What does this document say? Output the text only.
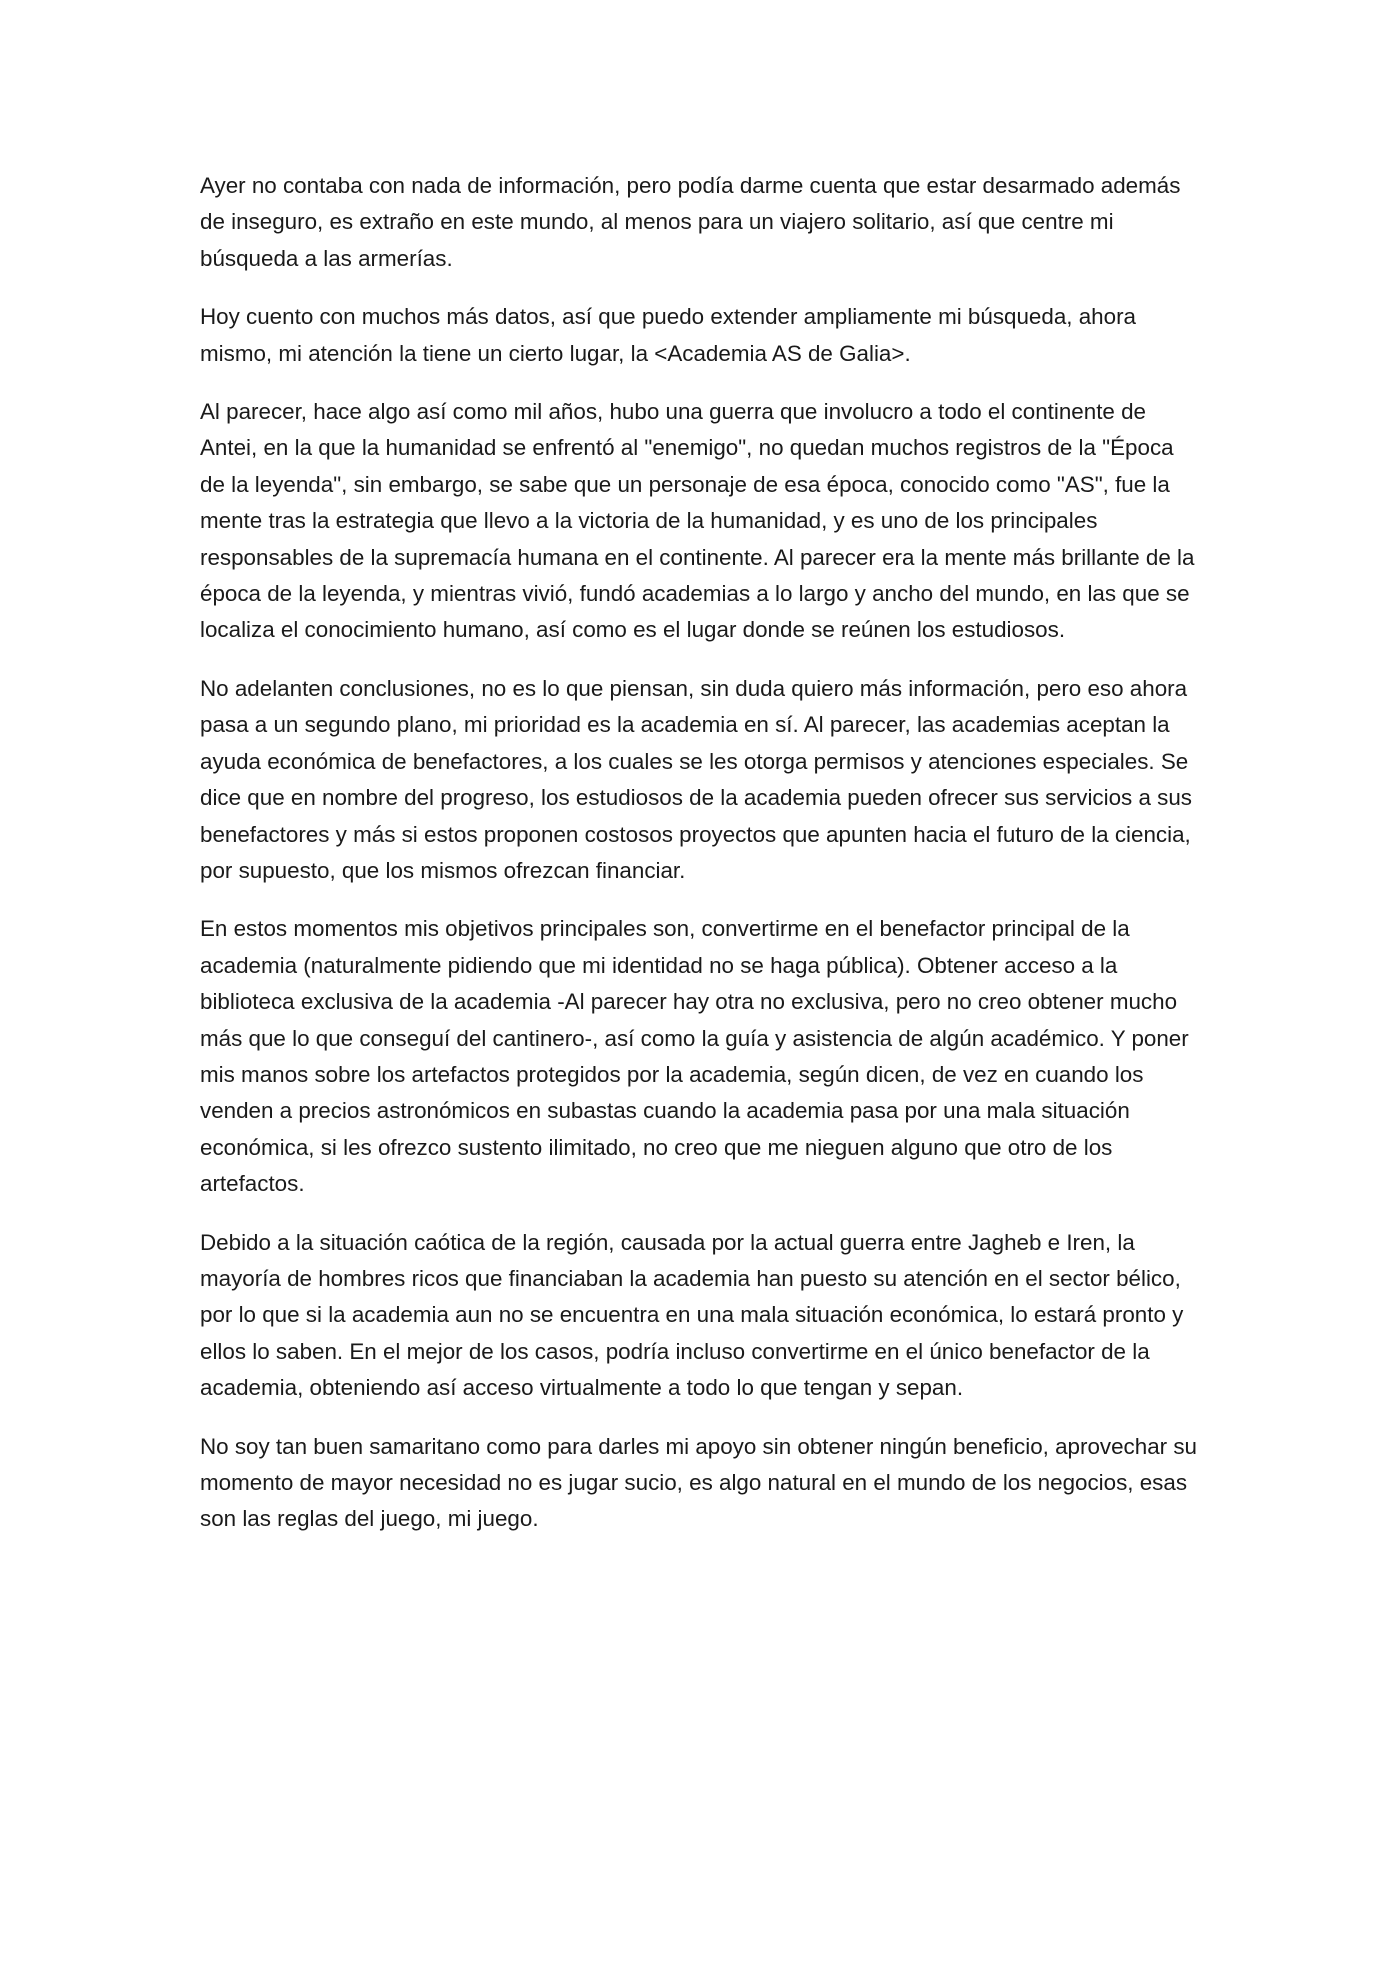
Ayer no contaba con nada de información, pero podía darme cuenta que estar desarmado además de inseguro, es extraño en este mundo, al menos para un viajero solitario, así que centre mi búsqueda a las armerías.

Hoy cuento con muchos más datos, así que puedo extender ampliamente mi búsqueda, ahora mismo, mi atención la tiene un cierto lugar, la <Academia AS de Galia>.

Al parecer, hace algo así como mil años, hubo una guerra que involucro a todo el continente de Antei, en la que la humanidad se enfrentó al "enemigo", no quedan muchos registros de la "Época de la leyenda", sin embargo, se sabe que un personaje de esa época, conocido como "AS", fue la mente tras la estrategia que llevo a la victoria de la humanidad, y es uno de los principales responsables de la supremacía humana en el continente. Al parecer era la mente más brillante de la época de la leyenda, y mientras vivió, fundó academias a lo largo y ancho del mundo, en las que se localiza el conocimiento humano, así como es el lugar donde se reúnen los estudiosos.

No adelanten conclusiones, no es lo que piensan, sin duda quiero más información, pero eso ahora pasa a un segundo plano, mi prioridad es la academia en sí. Al parecer, las academias aceptan la ayuda económica de benefactores, a los cuales se les otorga permisos y atenciones especiales. Se dice que en nombre del progreso, los estudiosos de la academia pueden ofrecer sus servicios a sus benefactores y más si estos proponen costosos proyectos que apunten hacia el futuro de la ciencia, por supuesto, que los mismos ofrezcan financiar.

En estos momentos mis objetivos principales son, convertirme en el benefactor principal de la academia (naturalmente pidiendo que mi identidad no se haga pública). Obtener acceso a la biblioteca exclusiva de la academia -Al parecer hay otra no exclusiva, pero no creo obtener mucho más que lo que conseguí del cantinero-, así como la guía y asistencia de algún académico. Y poner mis manos sobre los artefactos protegidos por la academia, según dicen, de vez en cuando los venden a precios astronómicos en subastas cuando la academia pasa por una mala situación económica, si les ofrezco sustento ilimitado, no creo que me nieguen alguno que otro de los artefactos.

Debido a la situación caótica de la región, causada por la actual guerra entre Jagheb e Iren, la mayoría de hombres ricos que financiaban la academia han puesto su atención en el sector bélico, por lo que si la academia aun no se encuentra en una mala situación económica, lo estará pronto y ellos lo saben. En el mejor de los casos, podría incluso convertirme en el único benefactor de la academia, obteniendo así acceso virtualmente a todo lo que tengan y sepan.

No soy tan buen samaritano como para darles mi apoyo sin obtener ningún beneficio, aprovechar su momento de mayor necesidad no es jugar sucio, es algo natural en el mundo de los negocios, esas son las reglas del juego, mi juego.
